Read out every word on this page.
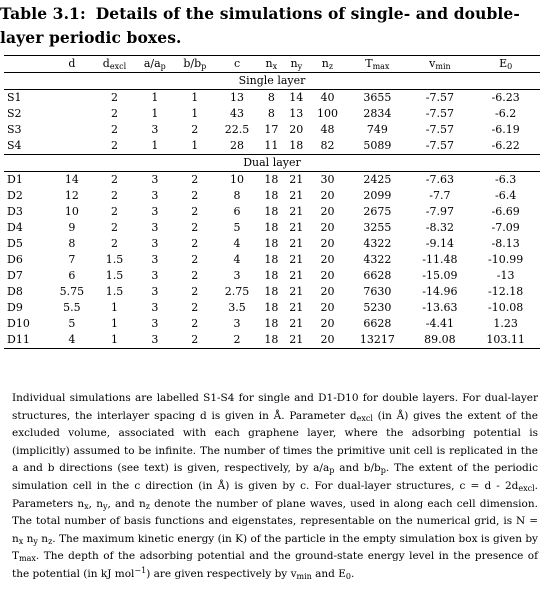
Table 3.1: Details of the simulations of single- and double-layer periodic boxes.
	d	$d_{excl}$	$a/a_p$	$b/b_p$	c	$n_x$	$n_y$	$n_z$	$T_{max}$	$v_{min}$	$E_0$
Single layer											
S1		2	1	1	13	8	14	40	3655	-7.57	-6.23
S2		2	1	1	43	8	13	100	2834	-7.57	-6.2
S3		2	3	2	22.5	17	20	48	749	-7.57	-6.19
S4		2	1	1	28	11	18	82	5089	-7.57	-6.22
Dual layer											
D1	14	2	3	2	10	18	21	30	2425	-7.63	-6.3
D2	12	2	3	2	8	18	21	20	2099	-7.7	-6.4
D3	10	2	3	2	6	18	21	20	2675	-7.97	-6.69
D4	9	2	3	2	5	18	21	20	3255	-8.32	-7.09
D5	8	2	3	2	4	18	21	20	4322	-9.14	-8.13
D6	7	1.5	3	2	4	18	21	20	4322	-11.48	-10.99
D7	6	1.5	3	2	3	18	21	20	6628	-15.09	-13
D8	5.75	1.5	3	2	2.75	18	21	20	7630	-14.96	-12.18
D9	5.5	1	3	2	3.5	18	21	20	5230	-13.63	-10.08
D10	5	1	3	2	3	18	21	20	6628	-4.41	1.23
D11	4	1	3	2	2	18	21	20	13217	89.08	103.11
Individual simulations are labelled S1-S4 for single and D1-D10 for double layers. For dual-layer structures, the interlayer spacing d is given in Å. Parameter $d_{excl}$ (in Å) gives the extent of the excluded volume, associated with each graphene layer, where the adsorbing potential is (implicitly) assumed to be infinite. The number of times the primitive unit cell is replicated in the a and b directions (see text) is given, respectively, by $a/a_p$ and $b/b_p$. The extent of the periodic simulation cell in the c direction (in Å) is given by c. For dual-layer structures, $c = d - 2d_{excl}$. Parameters $n_x$, $n_y$, and $n_z$ denote the number of plane waves, used in along each cell dimension. The total number of basis functions and eigenstates, representable on the numerical grid, is $N = n_x$ $n_y$ $n_z$. The maximum kinetic energy (in K) of the particle in the empty simulation box is given by $T_{max}$. The depth of the adsorbing potential and the ground-state energy level in the presence of the potential (in kJ mol$^{-1}$) are given respectively by $v_{min}$ and $E_0$.
